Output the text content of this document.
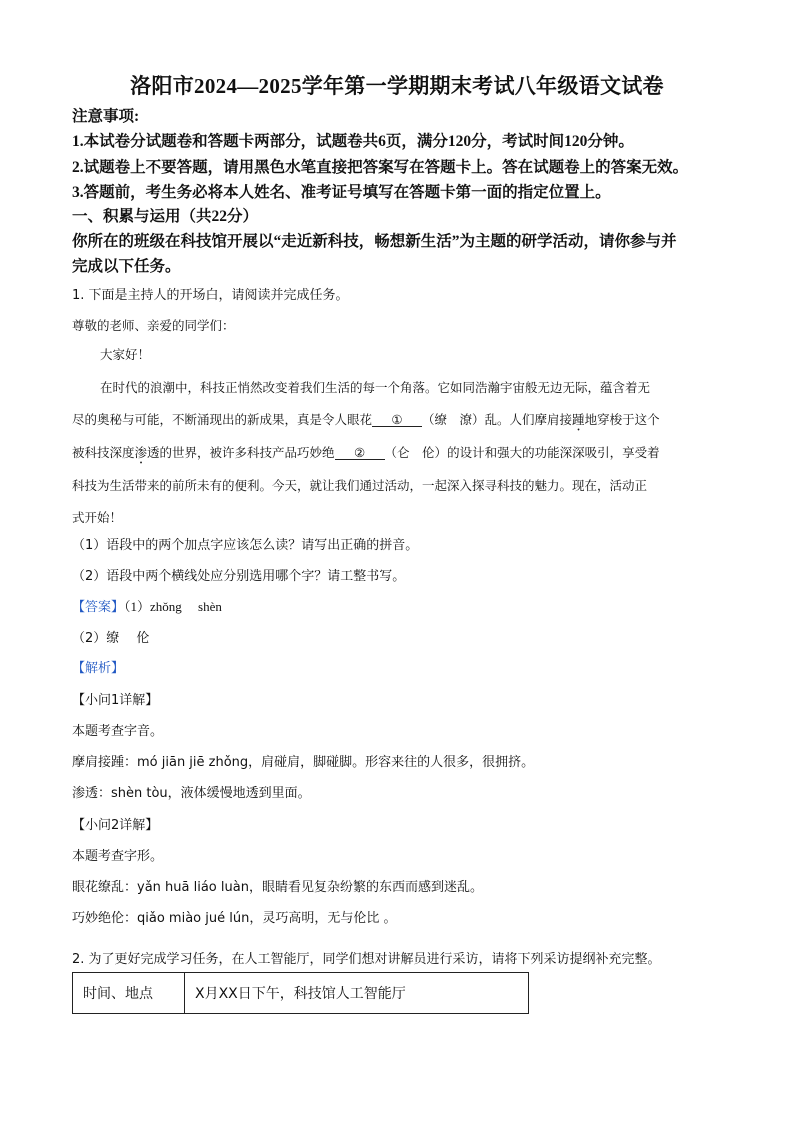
洛阳市2024—2025学年第一学期期末考试八年级语文试卷
注意事项:
1.本试卷分试题卷和答题卡两部分，试题卷共6页，满分120分，考试时间120分钟。
2.试题卷上不要答题，请用黑色水笔直接把答案写在答题卡上。答在试题卷上的答案无效。
3.答题前，考生务必将本人姓名、准考证号填写在答题卡第一面的指定位置上。
一、积累与运用（共22分）
你所在的班级在科技馆开展以“走近新科技，畅想新生活”为主题的研学活动，请你参与并
完成以下任务。
1. 下面是主持人的开场白，请阅读并完成任务。
尊敬的老师、亲爱的同学们：
大家好！
在时代的浪潮中，科技正悄然改变着我们生活的每一个角落。它如同浩瀚宇宙般无边无际，蕴含着无
尽的奥秘与可能，不断涌现出的新成果，真是令人眼花 ① （缭　潦）乱。人们摩肩接踵地穿梭于这个
被科技深度渗透的世界，被许多科技产品巧妙绝 ② （仑　伦）的设计和强大的功能深深吸引，享受着
科技为生活带来的前所未有的便利。今天，就让我们通过活动，一起深入探寻科技的魅力。现在，活动正
式开始！
（1）语段中的两个加点字应该怎么读？请写出正确的拼音。
（2）语段中两个横线处应分别选用哪个字？请工整书写。
【答案】（1）zhǒng　 shèn
（2）缭　 伦
【解析】
【小问1详解】
本题考查字音。
摩肩接踵：mó jiān jiē zhǒng，肩碰肩，脚碰脚。形容来往的人很多，很拥挤。
渗透：shèn tòu，液体缓慢地透到里面。
【小问2详解】
本题考查字形。
眼花缭乱：yǎn huā liáo luàn，眼睛看见复杂纷繁的东西而感到迷乱。
巧妙绝伦：qiǎo miào jué lún，灵巧高明，无与伦比 。
2. 为了更好完成学习任务，在人工智能厅，同学们想对讲解员进行采访，请将下列采访提纲补充完整。
时间、地点	X月XX日下午，科技馆人工智能厅
